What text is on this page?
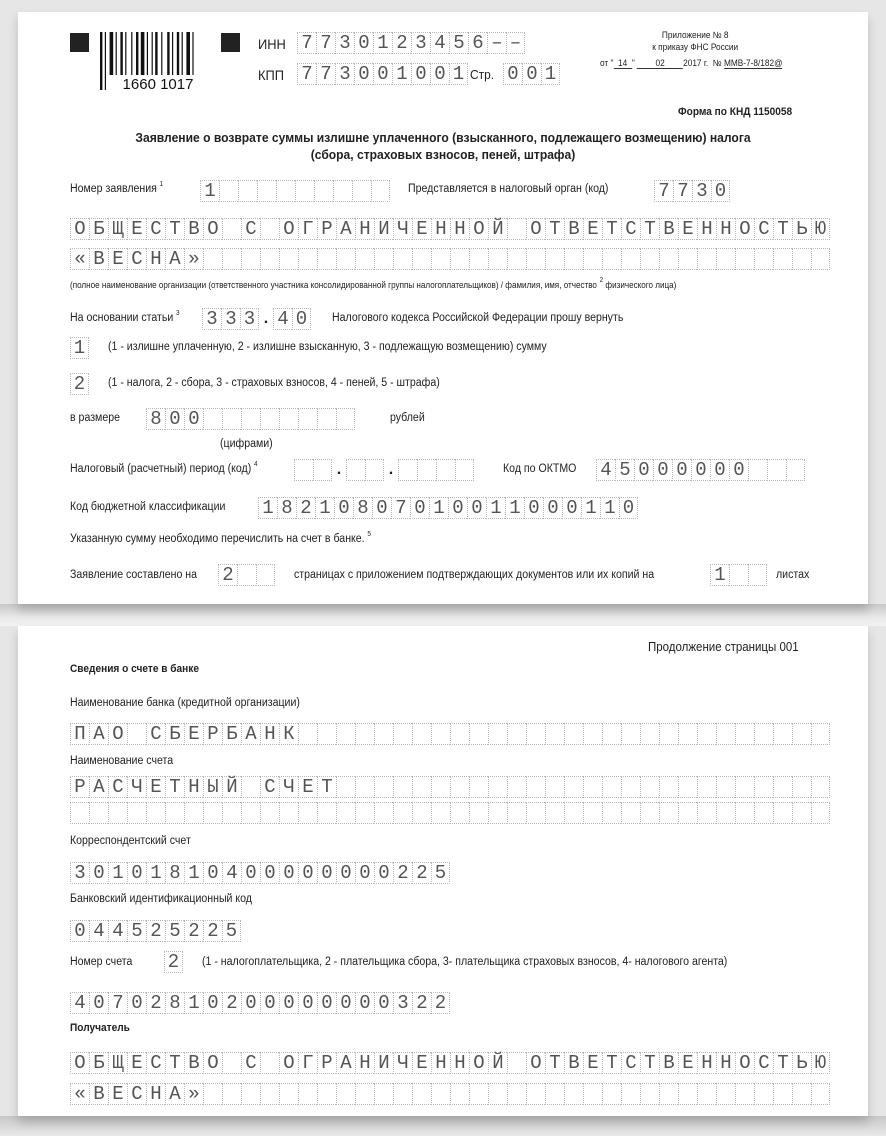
1660 1017
ИНН 7 7 3 0 1 2 3 4 5 6 – –
КПП 7 7 3 0 0 1 0 0 1 Стр. 0 0 1
Приложение № 8
к приказу ФНС России
от " 14 " 02 2017 г. № ММВ-7-8/182@
Форма по КНД 1150058
Заявление о возврате суммы излишне уплаченного (взысканного, подлежащего возмещению) налога
(сбора, страховых взносов, пеней, штрафа)
Номер заявления $^1$ 1	Представляется в налоговый орган (код)	7 7 3 0
О Б Щ Е С Т В О С О Г Р А Н И Ч Е Н Н О Й О Т В Е Т С Т В Е Н Н О С Т Ь Ю
« В Е С Н А »
(полное наименование организации (ответственного участника консолидированной группы налогоплательщиков) / фамилия, имя, отчество $^2$ физического лица)
На основании статьи $^3$ 3 3 3 . 4 0	Налогового кодекса Российской Федерации прошу вернуть
1	(1 - излишне уплаченную, 2 - излишне взысканную, 3 - подлежащую возмещению) сумму
2	(1 - налога, 2 - сбора, 3 - страховых взносов, 4 - пеней, 5 - штрафа)
в размере 8 0 0	рублей
(цифрами)
Налоговый (расчетный) период (код) $^4$	.	.	Код по ОКТМО 4 5 0 0 0 0 0 0
Код бюджетной классификации 1 8 2 1 0 8 0 7 0 1 0 0 1 1 0 0 0 1 1 0
Указанную сумму необходимо перечислить на счет в банке. $^5$
Заявление составлено на 2	страницах с приложением подтверждающих документов или их копий на	1	листах
Продолжение страницы 001
Сведения о счете в банке
Наименование банка (кредитной организации)
П А О С Б Е Р Б А Н К
Наименование счета
Р А С Ч Е Т Н Ы Й С Ч Е Т
Корреспондентский счет
3 0 1 0 1 8 1 0 4 0 0 0 0 0 0 0 0 2 2 5
Банковский идентификационный код
0 4 4 5 2 5 2 2 5
Номер счета 2	(1 - налогоплательщика, 2 - плательщика сбора, 3- плательщика страховых взносов, 4- налогового агента)
4 0 7 0 2 8 1 0 2 0 0 0 0 0 0 0 0 3 2 2
Получатель
О Б Щ Е С Т В О С О Г Р А Н И Ч Е Н Н О Й О Т В Е Т С Т В Е Н Н О С Т Ь Ю
« В Е С Н А »
